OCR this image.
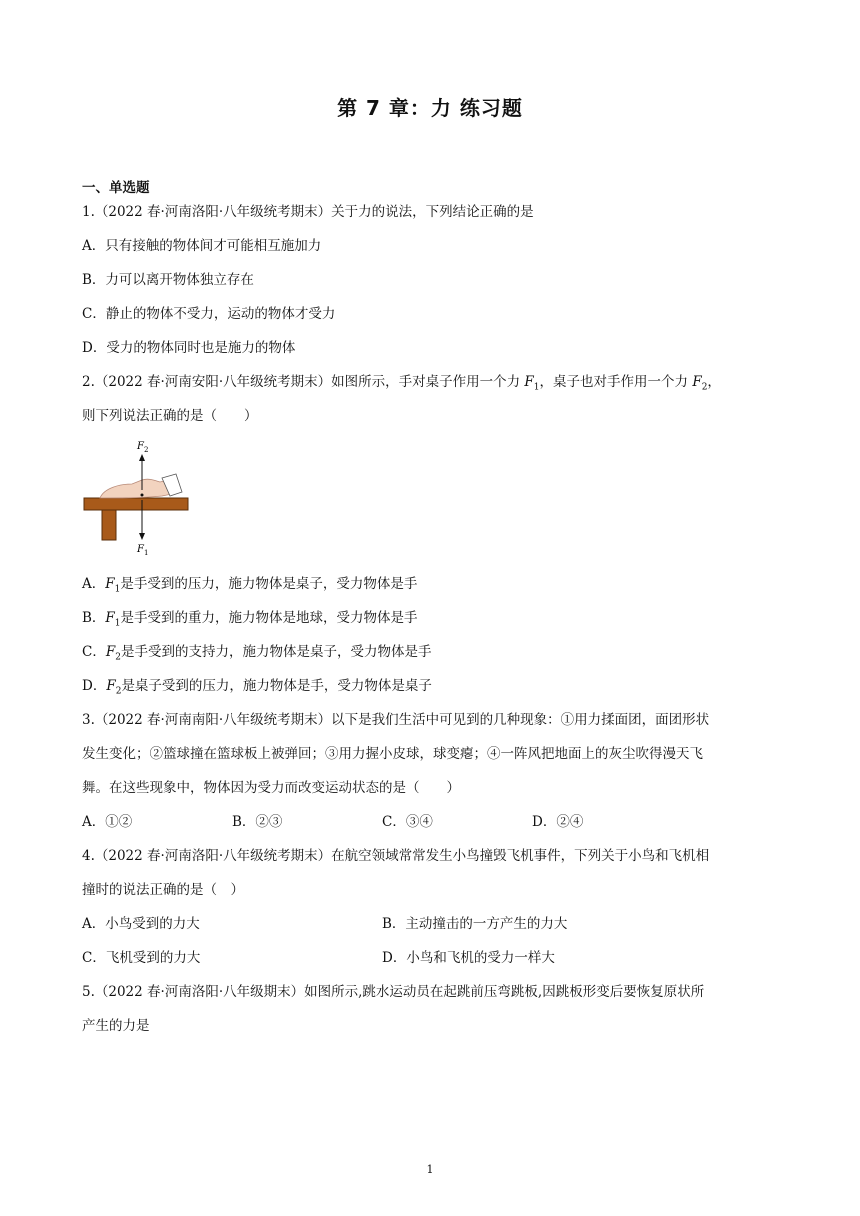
第 7 章：力 练习题
一、单选题
1.（2022 春·河南洛阳·八年级统考期末）关于力的说法，下列结论正确的是
A．只有接触的物体间才可能相互施加力
B．力可以离开物体独立存在
C．静止的物体不受力，运动的物体才受力
D．受力的物体同时也是施力的物体
2.（2022 春·河南安阳·八年级统考期末）如图所示，手对桌子作用一个力 $F_1$，桌子也对手作用一个力 $F_2$，
则下列说法正确的是（　　）
$F_2$
$F_1$
A．$F_1$是手受到的压力，施力物体是桌子，受力物体是手
B．$F_1$是手受到的重力，施力物体是地球，受力物体是手
C．$F_2$是手受到的支持力，施力物体是桌子，受力物体是手
D．$F_2$是桌子受到的压力，施力物体是手，受力物体是桌子
3.（2022 春·河南南阳·八年级统考期末）以下是我们生活中可见到的几种现象：①用力揉面团，面团形状
发生变化；②篮球撞在篮球板上被弹回；③用力握小皮球，球变瘪；④一阵风把地面上的灰尘吹得漫天飞
舞。在这些现象中，物体因为受力而改变运动状态的是（　　）
A．①②	B．②③	C．③④	D．②④
4.（2022 春·河南洛阳·八年级统考期末）在航空领域常常发生小鸟撞毁飞机事件，下列关于小鸟和飞机相
撞时的说法正确的是（　）
A．小鸟受到的力大	B．主动撞击的一方产生的力大
C．飞机受到的力大	D．小鸟和飞机的受力一样大
5.（2022 春·河南洛阳·八年级期末）如图所示,跳水运动员在起跳前压弯跳板,因跳板形变后要恢复原状所
产生的力是
1
